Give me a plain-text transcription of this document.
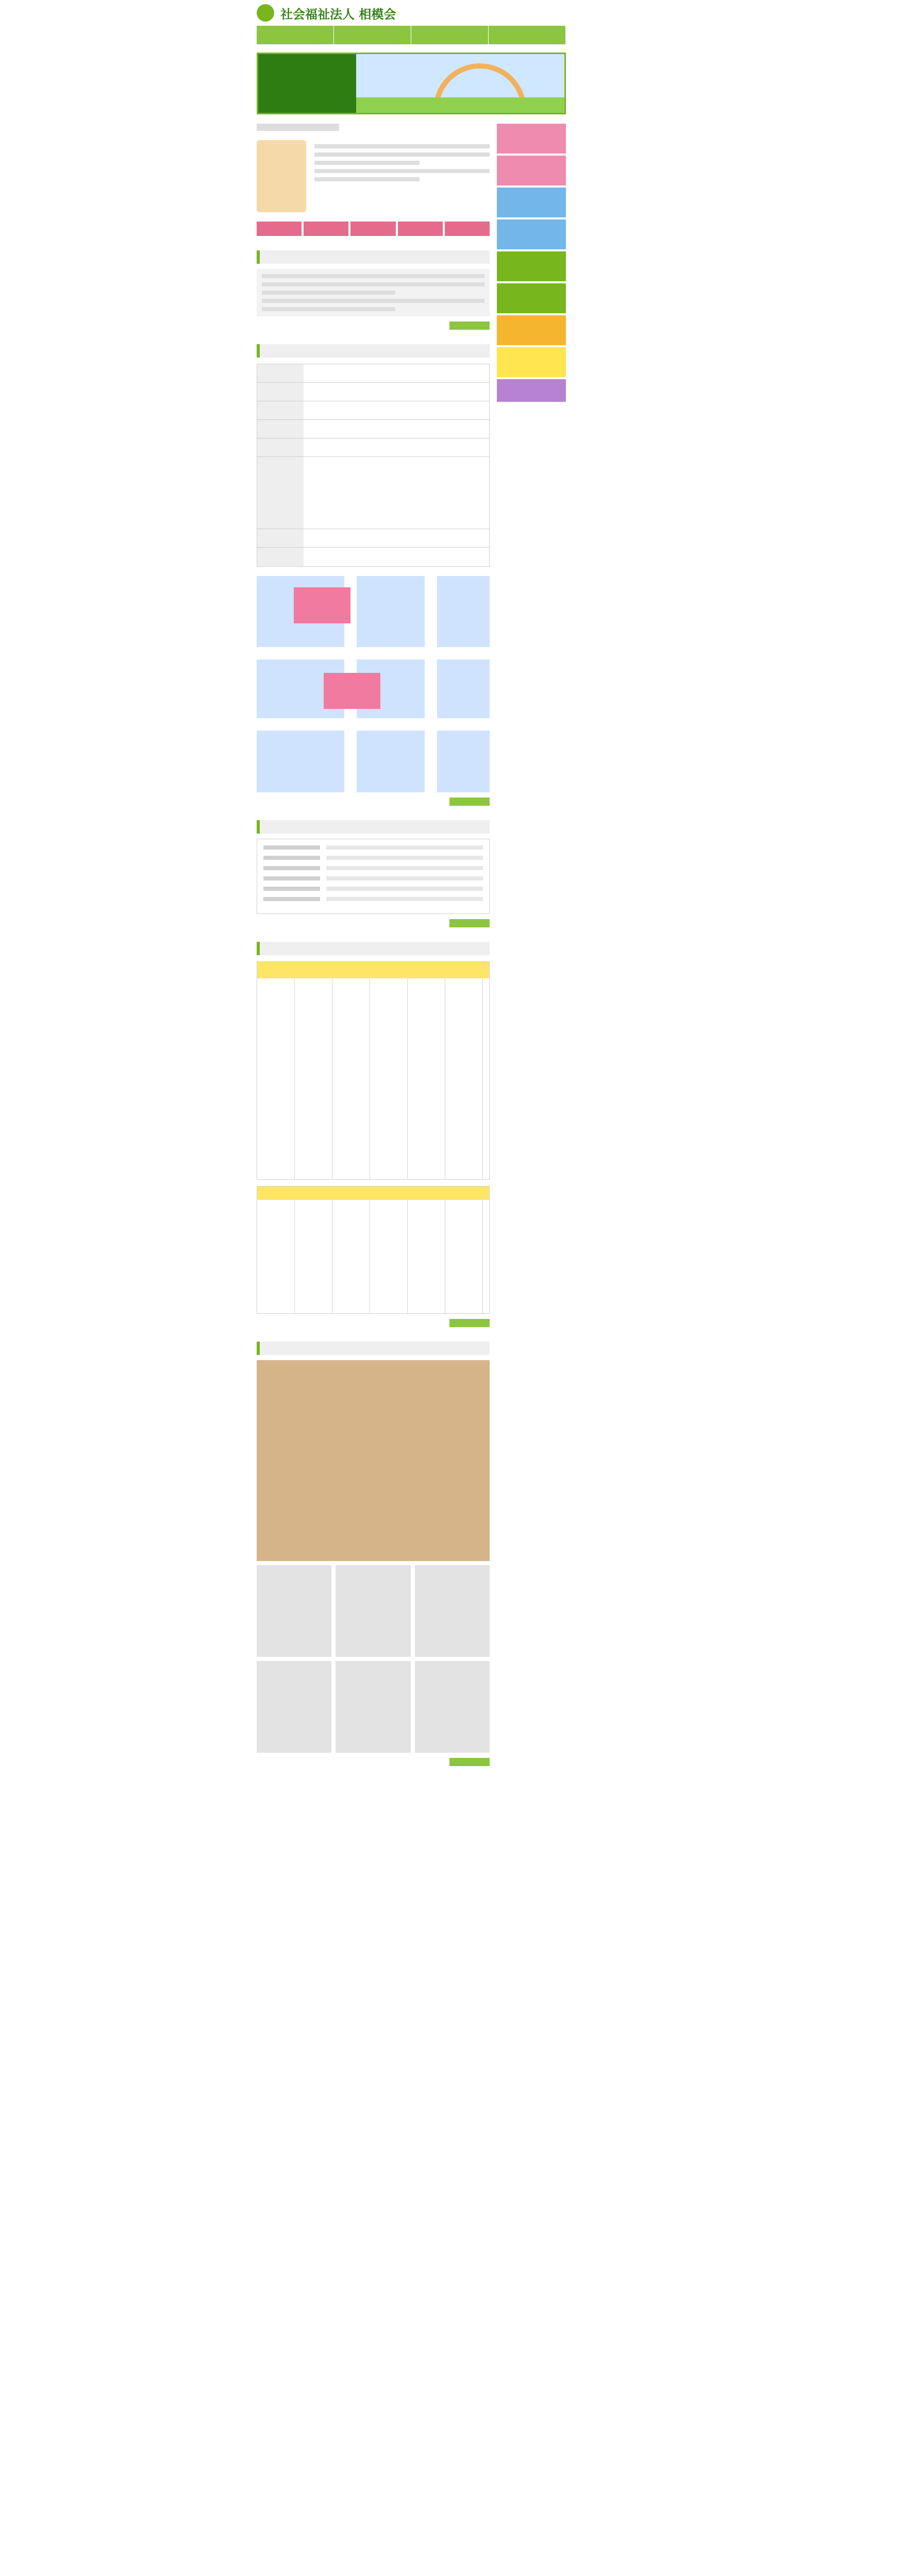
社会福祉法人 相模会
